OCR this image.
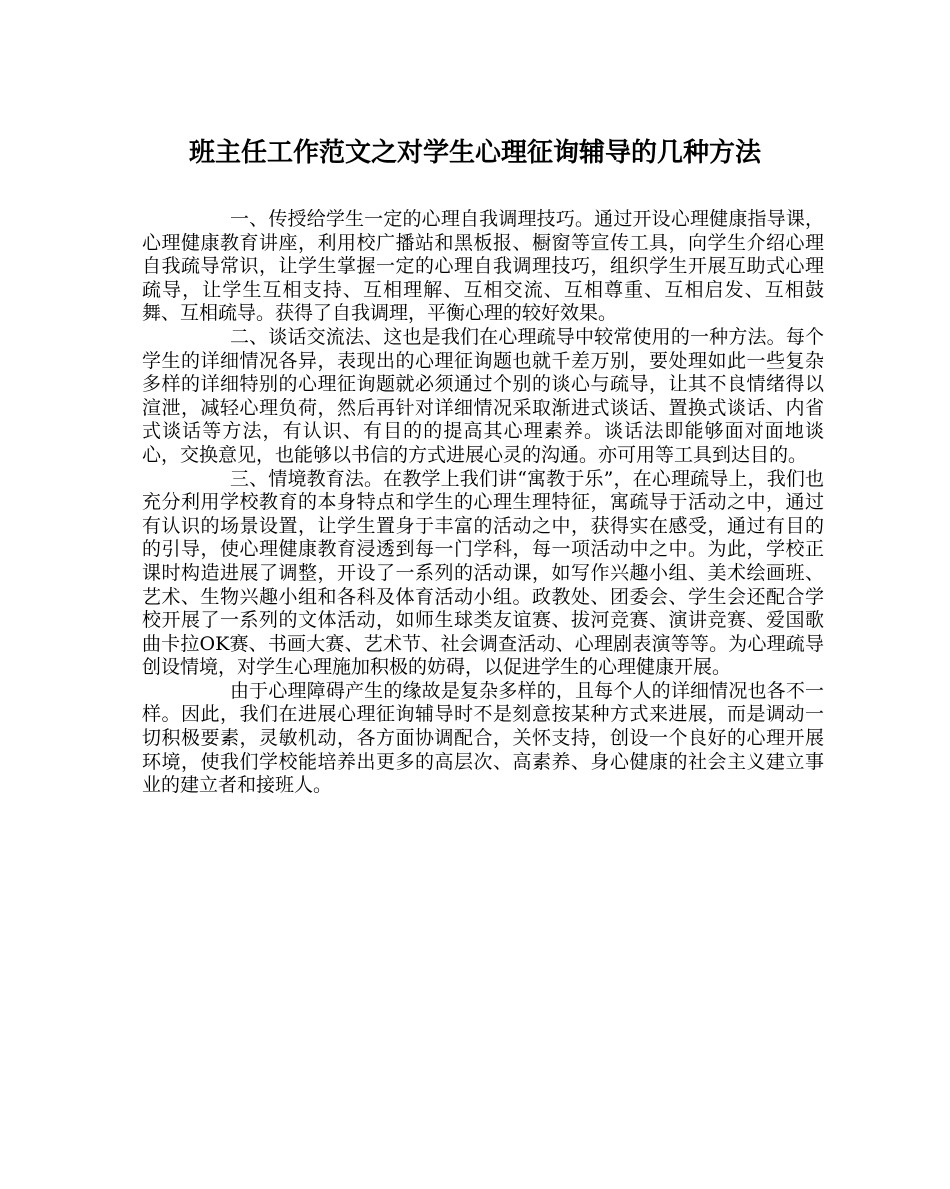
班主任工作范文之对学生心理征询辅导的几种方法

一、传授给学生一定的心理自我调理技巧。通过开设心理健康指导课，心理健康教育讲座，利用校广播站和黑板报、橱窗等宣传工具，向学生介绍心理自我疏导常识，让学生掌握一定的心理自我调理技巧，组织学生开展互助式心理疏导，让学生互相支持、互相理解、互相交流、互相尊重、互相启发、互相鼓舞、互相疏导。获得了自我调理，平衡心理的较好效果。

二、谈话交流法、这也是我们在心理疏导中较常使用的一种方法。每个学生的详细情况各异，表现出的心理征询题也就千差万别，要处理如此一些复杂多样的详细特别的心理征询题就必须通过个别的谈心与疏导，让其不良情绪得以渲泄，减轻心理负荷，然后再针对详细情况采取渐进式谈话、置换式谈话、内省式谈话等方法，有认识、有目的的提高其心理素养。谈话法即能够面对面地谈心，交换意见，也能够以书信的方式进展心灵的沟通。亦可用等工具到达目的。

三、情境教育法。在教学上我们讲“寓教于乐”，在心理疏导上，我们也充分利用学校教育的本身特点和学生的心理生理特征，寓疏导于活动之中，通过有认识的场景设置，让学生置身于丰富的活动之中，获得实在感受，通过有目的的引导，使心理健康教育浸透到每一门学科，每一项活动中之中。为此，学校正课时构造进展了调整，开设了一系列的活动课，如写作兴趣小组、美术绘画班、艺术、生物兴趣小组和各科及体育活动小组。政教处、团委会、学生会还配合学校开展了一系列的文体活动，如师生球类友谊赛、拔河竞赛、演讲竞赛、爱国歌曲卡拉OK赛、书画大赛、艺术节、社会调查活动、心理剧表演等等。为心理疏导创设情境，对学生心理施加积极的妨碍，以促进学生的心理健康开展。

由于心理障碍产生的缘故是复杂多样的，且每个人的详细情况也各不一样。因此，我们在进展心理征询辅导时不是刻意按某种方式来进展，而是调动一切积极要素，灵敏机动，各方面协调配合，关怀支持，创设一个良好的心理开展环境，使我们学校能培养出更多的高层次、高素养、身心健康的社会主义建立事业的建立者和接班人。
